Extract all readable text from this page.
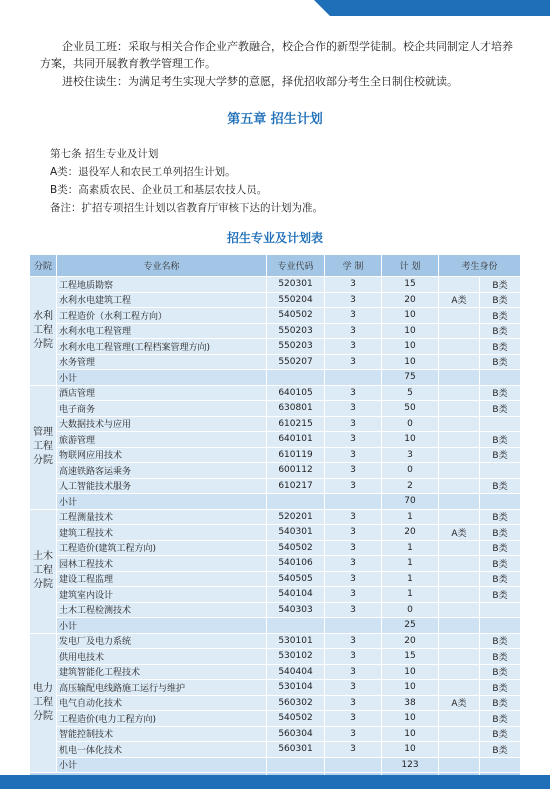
企业员工班：采取与相关合作企业产教融合，校企合作的新型学徒制。校企共同制定人才培养方案，共同开展教育教学管理工作。
进校住读生：为满足考生实现大学梦的意愿，择优招收部分考生全日制住校就读。
第五章 招生计划
第七条 招生专业及计划
A类：退役军人和农民工单列招生计划。
B类：高素质农民、企业员工和基层农技人员。
备注：扩招专项招生计划以省教育厅审核下达的计划为准。
招生专业及计划表
分院	专业名称	专业代码	学 制	计 划	考生身份	
水利工程分院	工程地质勘察	520301	3	15		B类
	水利水电建筑工程	550204	3	20	A类	B类
	工程造价（水利工程方向）	540502	3	10		B类
	水利水电工程管理	550203	3	10		B类
	水利水电工程管理(工程档案管理方向)	550203	3	10		B类
	水务管理	550207	3	10		B类
	小计			75		
管理工程分院	酒店管理	640105	3	5		B类
	电子商务	630801	3	50		B类
	大数据技术与应用	610215	3	0		
	旅游管理	640101	3	10		B类
	物联网应用技术	610119	3	3		B类
	高速铁路客运乘务	600112	3	0		
	人工智能技术服务	610217	3	2		B类
	小计			70		
土木工程分院	工程测量技术	520201	3	1		B类
	建筑工程技术	540301	3	20	A类	B类
	工程造价(建筑工程方向)	540502	3	1		B类
	园林工程技术	540106	3	1		B类
	建设工程监理	540505	3	1		B类
	建筑室内设计	540104	3	1		B类
	土木工程检测技术	540303	3	0		
	小计			25		
电力工程分院	发电厂及电力系统	530101	3	20		B类
	供用电技术	530102	3	15		B类
	建筑智能化工程技术	540404	3	10		B类
	高压输配电线路施工运行与维护	530104	3	10		B类
	电气自动化技术	560302	3	38	A类	B类
	工程造价(电力工程方向)	540502	3	10		B类
	智能控制技术	560304	3	10		B类
	机电一体化技术	560301	3	10		B类
	小计			123		
